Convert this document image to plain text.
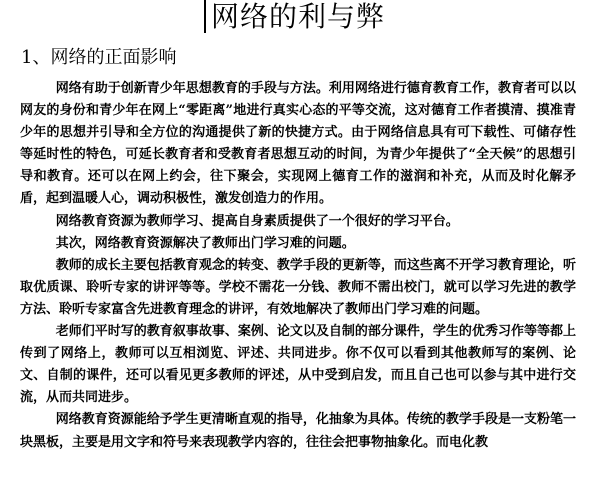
网络的利与弊
1、网络的正面影响

网络有助于创新青少年思想教育的手段与方法。利用网络进行德育教育工作，教育者可以以网友的身份和青少年在网上“零距离”地进行真实心态的平等交流，这对德育工作者摸清、摸准青少年的思想并引导和全方位的沟通提供了新的快捷方式。由于网络信息具有可下载性、可储存性等延时性的特色，可延长教育者和受教育者思想互动的时间，为青少年提供了“全天候”的思想引导和教育。还可以在网上约会，往下聚会，实现网上德育工作的滋润和补充，从而及时化解矛盾，起到温暖人心，调动积极性，激发创造力的作用。

网络教育资源为教师学习、提高自身素质提供了一个很好的学习平台。

其次，网络教育资源解决了教师出门学习难的问题。

教师的成长主要包括教育观念的转变、教学手段的更新等，而这些离不开学习教育理论，听取优质课、聆听专家的讲评等等。学校不需花一分钱、教师不需出校门，就可以学习先进的教学方法、聆听专家富含先进教育理念的讲评，有效地解决了教师出门学习难的问题。

老师们平时写的教育叙事故事、案例、论文以及自制的部分课件，学生的优秀习作等等都上传到了网络上，教师可以互相浏览、评述、共同进步。你不仅可以看到其他教师写的案例、论文、自制的课件，还可以看见更多教师的评述，从中受到启发，而且自己也可以参与其中进行交流，从而共同进步。

网络教育资源能给予学生更清晰直观的指导，化抽象为具体。传统的教学手段是一支粉笔一块黑板，主要是用文字和符号来表现教学内容的，往往会把事物抽象化。而电化教
